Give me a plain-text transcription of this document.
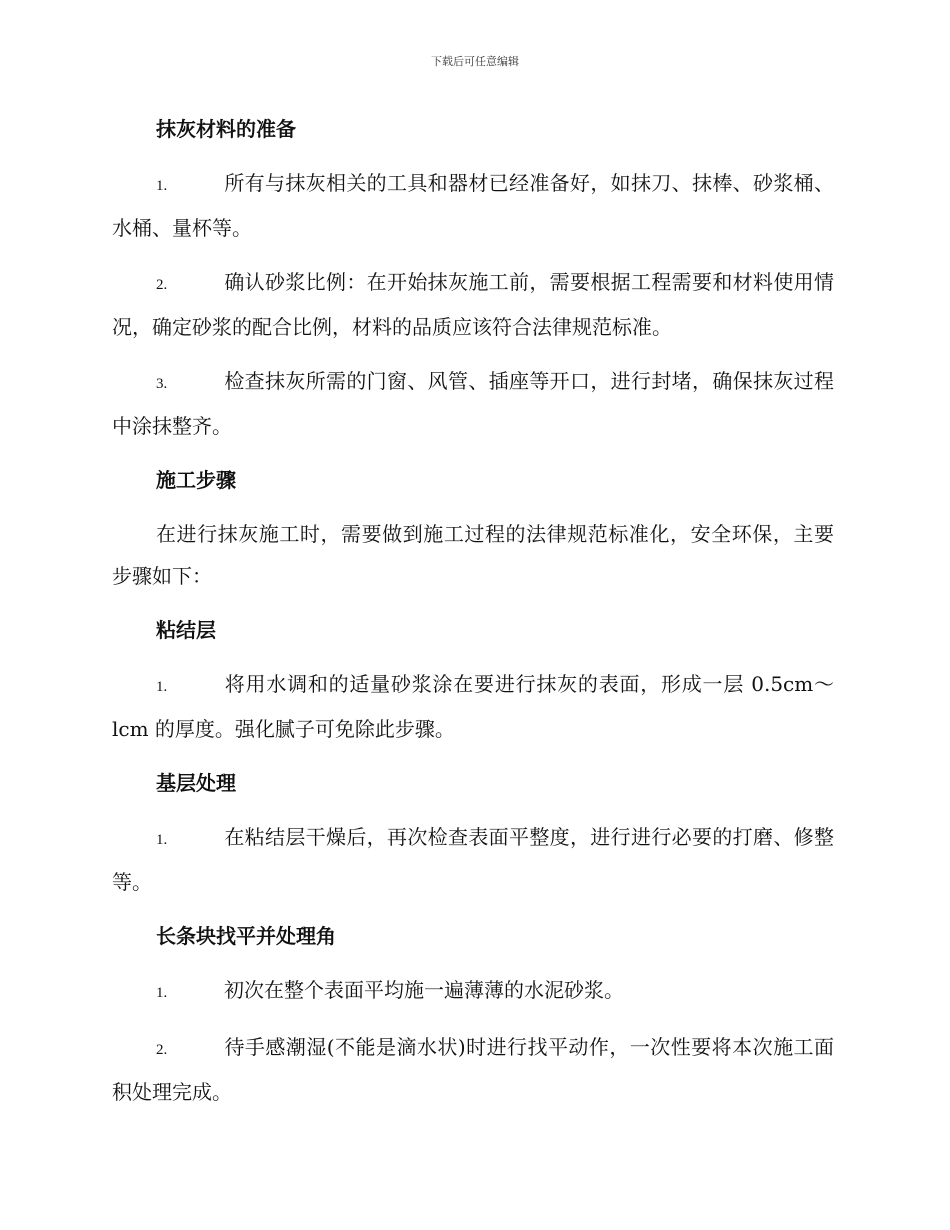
下载后可任意编辑
抹灰材料的准备
1.	所有与抹灰相关的工具和器材已经准备好，如抹刀、抹棒、砂浆桶、水桶、量杯等。
2.	确认砂浆比例：在开始抹灰施工前，需要根据工程需要和材料使用情况，确定砂浆的配合比例，材料的品质应该符合法律规范标准。
3.	检查抹灰所需的门窗、风管、插座等开口，进行封堵，确保抹灰过程中涂抹整齐。
施工步骤
在进行抹灰施工时，需要做到施工过程的法律规范标准化，安全环保，主要步骤如下：
粘结层
1.	将用水调和的适量砂浆涂在要进行抹灰的表面，形成一层 0.5cm～lcm 的厚度。强化腻子可免除此步骤。
基层处理
1.	在粘结层干燥后，再次检查表面平整度，进行进行必要的打磨、修整等。
长条块找平并处理角
1.	初次在整个表面平均施一遍薄薄的水泥砂浆。
2.	待手感潮湿(不能是滴水状)时进行找平动作，一次性要将本次施工面积处理完成。
